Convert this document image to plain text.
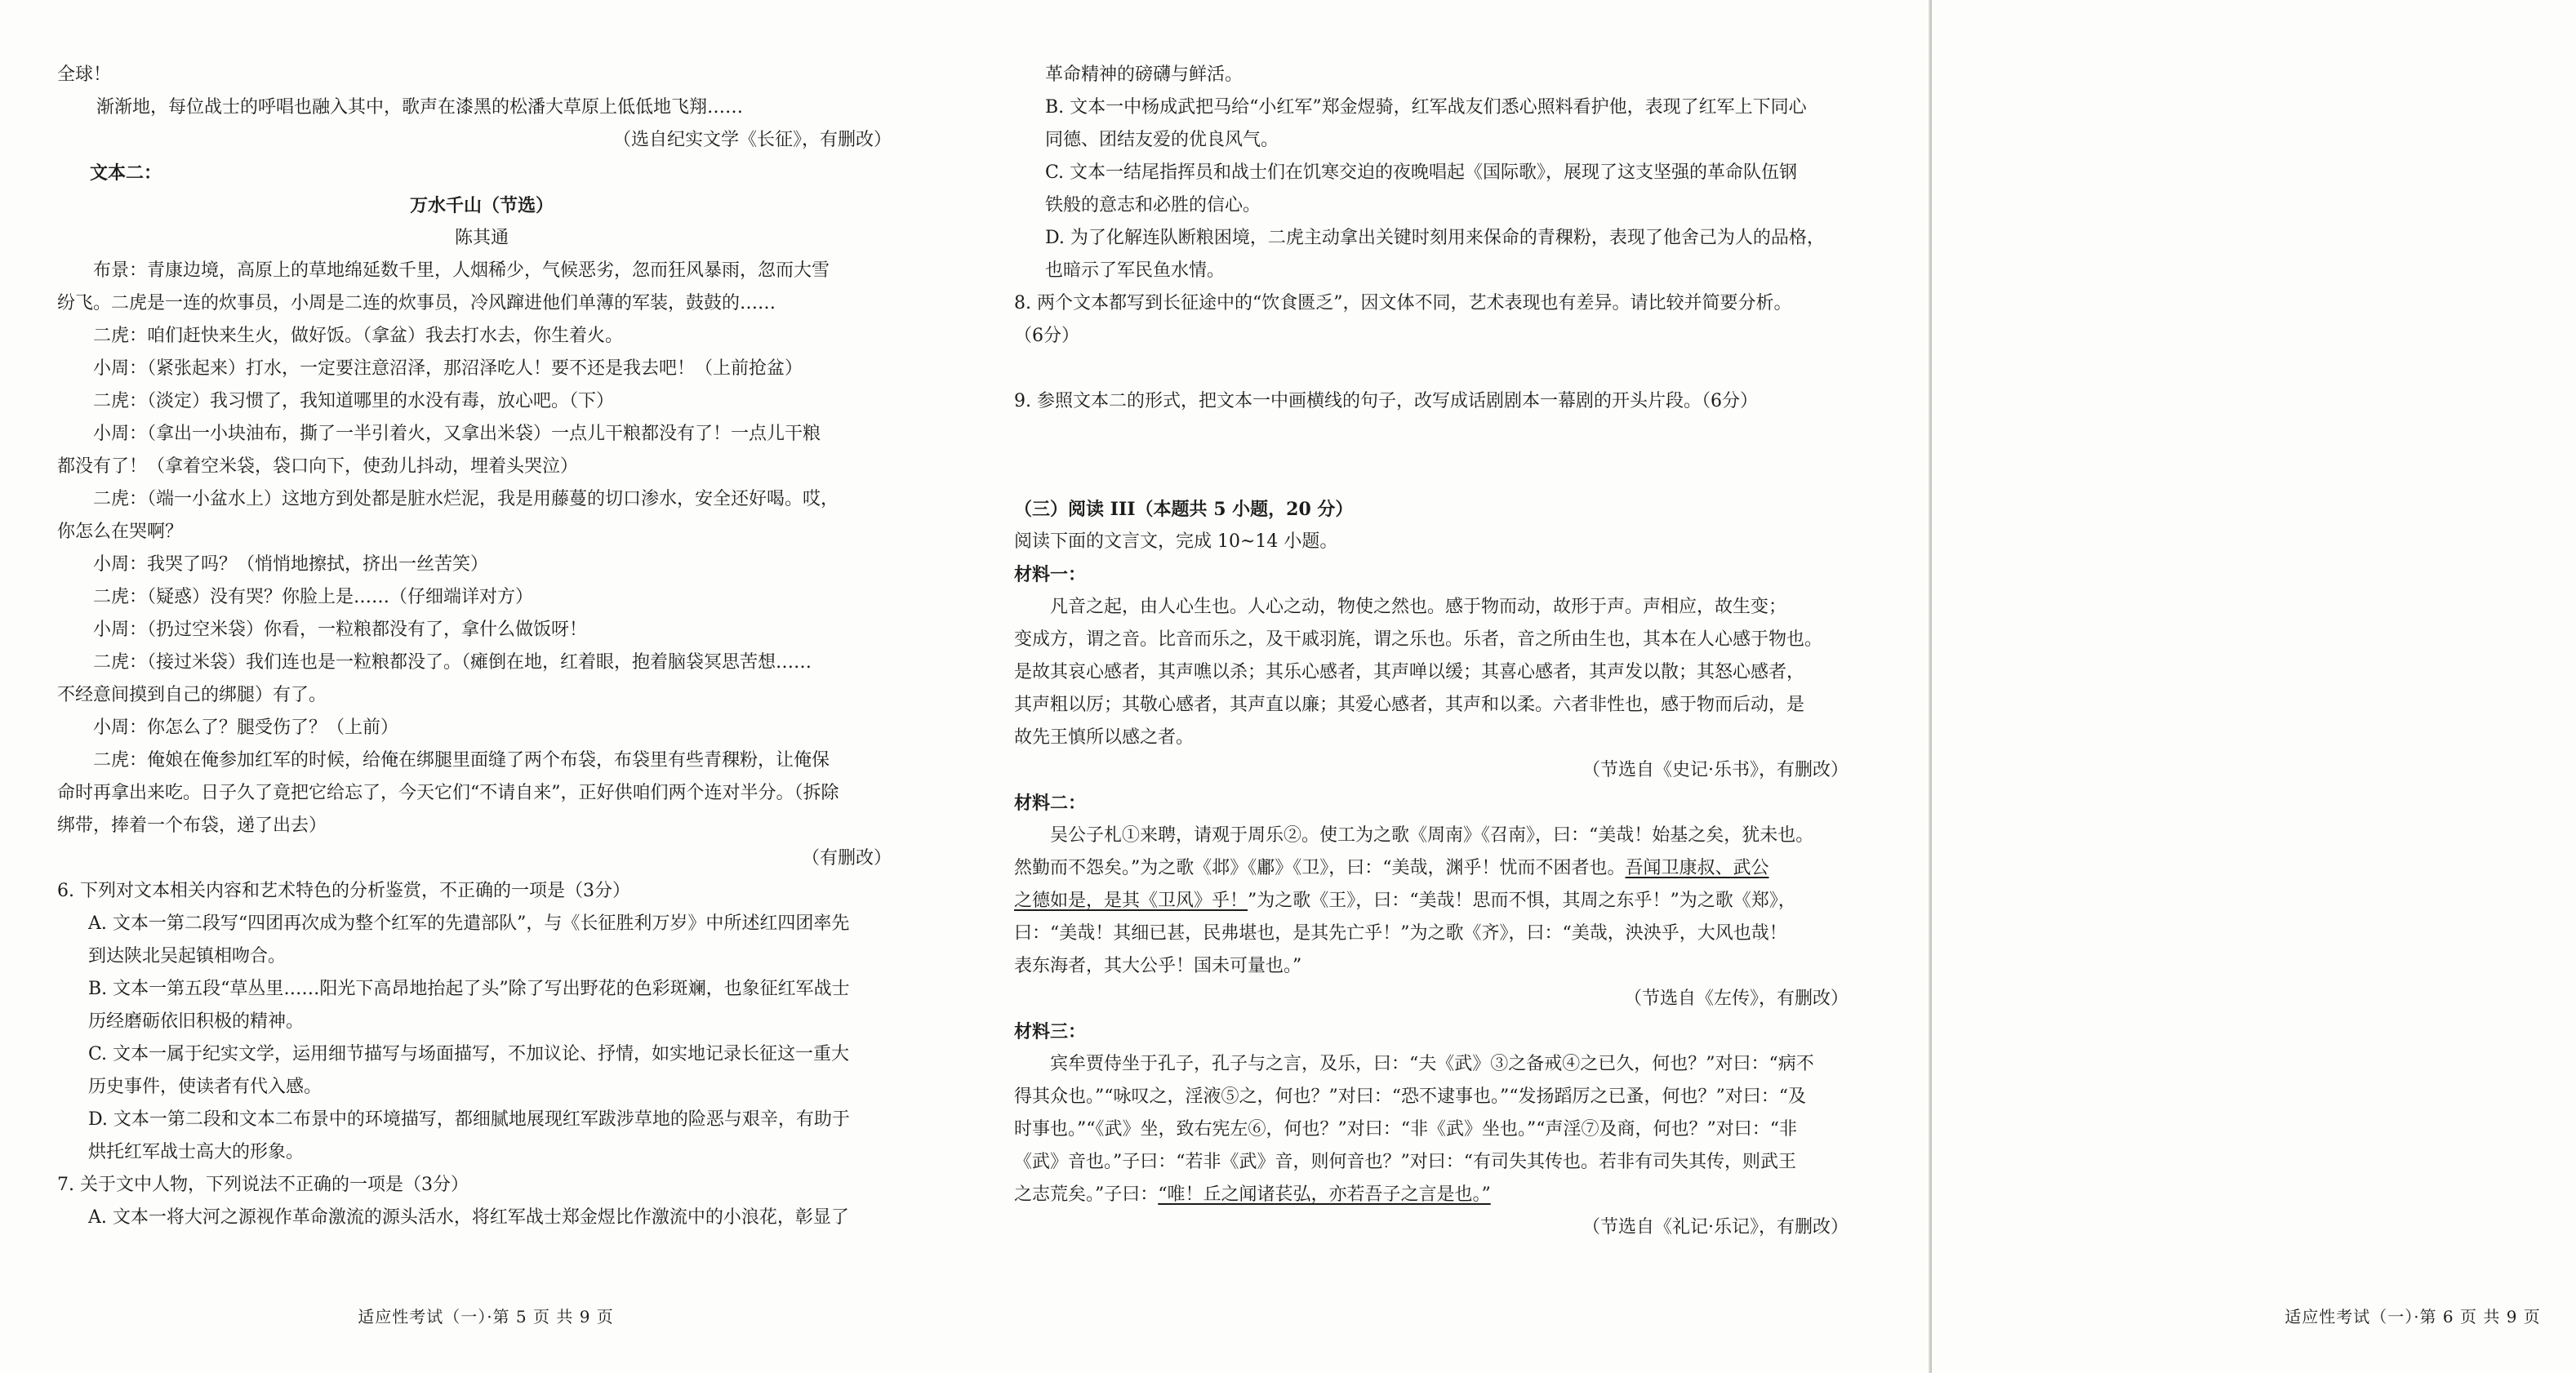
全球！
渐渐地，每位战士的呼唱也融入其中，歌声在漆黑的松潘大草原上低低地飞翔……
（选自纪实文学《长征》，有删改）
文本二：
万水千山（节选）
陈其通
布景：青康边境，高原上的草地绵延数千里，人烟稀少，气候恶劣，忽而狂风暴雨，忽而大雪
纷飞。二虎是一连的炊事员，小周是二连的炊事员，冷风蹿进他们单薄的军装，鼓鼓的……
二虎：咱们赶快来生火，做好饭。（拿盆）我去打水去，你生着火。
小周：（紧张起来）打水，一定要注意沼泽，那沼泽吃人！要不还是我去吧！（上前抢盆）
二虎：（淡定）我习惯了，我知道哪里的水没有毒，放心吧。（下）
小周：（拿出一小块油布，撕了一半引着火，又拿出米袋）一点儿干粮都没有了！一点儿干粮
都没有了！（拿着空米袋，袋口向下，使劲儿抖动，埋着头哭泣）
二虎：（端一小盆水上）这地方到处都是脏水烂泥，我是用藤蔓的切口渗水，安全还好喝。哎，
你怎么在哭啊？
小周：我哭了吗？（悄悄地擦拭，挤出一丝苦笑）
二虎：（疑惑）没有哭？你脸上是……（仔细端详对方）
小周：（扔过空米袋）你看，一粒粮都没有了，拿什么做饭呀！
二虎：（接过米袋）我们连也是一粒粮都没了。（瘫倒在地，红着眼，抱着脑袋冥思苦想……
不经意间摸到自己的绑腿）有了。
小周：你怎么了？腿受伤了？（上前）
二虎：俺娘在俺参加红军的时候，给俺在绑腿里面缝了两个布袋，布袋里有些青稞粉，让俺保
命时再拿出来吃。日子久了竟把它给忘了，今天它们“不请自来”，正好供咱们两个连对半分。（拆除
绑带，捧着一个布袋，递了出去）
（有删改）
6. 下列对文本相关内容和艺术特色的分析鉴赏，不正确的一项是（3分）
A. 文本一第二段写“四团再次成为整个红军的先遣部队”，与《长征胜利万岁》中所述红四团率先
到达陕北吴起镇相吻合。
B. 文本一第五段“草丛里……阳光下高昂地抬起了头”除了写出野花的色彩斑斓，也象征红军战士
历经磨砺依旧积极的精神。
C. 文本一属于纪实文学，运用细节描写与场面描写，不加议论、抒情，如实地记录长征这一重大
历史事件，使读者有代入感。
D. 文本一第二段和文本二布景中的环境描写，都细腻地展现红军跋涉草地的险恶与艰辛，有助于
烘托红军战士高大的形象。
7. 关于文中人物，下列说法不正确的一项是（3分）
A. 文本一将大河之源视作革命激流的源头活水，将红军战士郑金煜比作激流中的小浪花，彰显了
适应性考试（一）·第 5 页 共 9 页	适应性考试（一）·第 6 页 共 9 页
革命精神的磅礴与鲜活。
B. 文本一中杨成武把马给“小红军”郑金煜骑，红军战友们悉心照料看护他，表现了红军上下同心
同德、团结友爱的优良风气。
C. 文本一结尾指挥员和战士们在饥寒交迫的夜晚唱起《国际歌》，展现了这支坚强的革命队伍钢
铁般的意志和必胜的信心。
D. 为了化解连队断粮困境，二虎主动拿出关键时刻用来保命的青稞粉，表现了他舍己为人的品格，
也暗示了军民鱼水情。
8. 两个文本都写到长征途中的“饮食匮乏”，因文体不同，艺术表现也有差异。请比较并简要分析。
（6分）
9. 参照文本二的形式，把文本一中画横线的句子，改写成话剧剧本一幕剧的开头片段。（6分）
（三）阅读 III（本题共 5 小题，20 分）
阅读下面的文言文，完成 10~14 小题。
材料一：
凡音之起，由人心生也。人心之动，物使之然也。感于物而动，故形于声。声相应，故生变；
变成方，谓之音。比音而乐之，及干戚羽旄，谓之乐也。乐者，音之所由生也，其本在人心感于物也。
是故其哀心感者，其声噍以杀；其乐心感者，其声啴以缓；其喜心感者，其声发以散；其怒心感者，
其声粗以厉；其敬心感者，其声直以廉；其爱心感者，其声和以柔。六者非性也，感于物而后动，是
故先王慎所以感之者。
（节选自《史记·乐书》，有删改）
材料二：
吴公子札①来聘，请观于周乐②。使工为之歌《周南》《召南》，曰：“美哉！始基之矣，犹未也。
然勤而不怨矣。”为之歌《邶》《鄘》《卫》，曰：“美哉，渊乎！忧而不困者也。吾闻卫康叔、武公
之德如是，是其《卫风》乎！”为之歌《王》，曰：“美哉！思而不惧，其周之东乎！”为之歌《郑》，
曰：“美哉！其细已甚，民弗堪也，是其先亡乎！”为之歌《齐》，曰：“美哉，泱泱乎，大风也哉！
表东海者，其大公乎！国未可量也。”
（节选自《左传》，有删改）
材料三：
宾牟贾侍坐于孔子，孔子与之言，及乐，曰：“夫《武》③之备戒④之已久，何也？”对曰：“病不
得其众也。”“咏叹之，淫液⑤之，何也？”对曰：“恐不逮事也。”“发扬蹈厉之已蚤，何也？”对曰：“及
时事也。”“《武》坐，致右宪左⑥，何也？”对曰：“非《武》坐也。”“声淫⑦及商，何也？”对曰：“非
《武》音也。”子曰：“若非《武》音，则何音也？”对曰：“有司失其传也。若非有司失其传，则武王
之志荒矣。”子曰：“唯！丘之闻诸苌弘，亦若吾子之言是也。”
（节选自《礼记·乐记》，有删改）
